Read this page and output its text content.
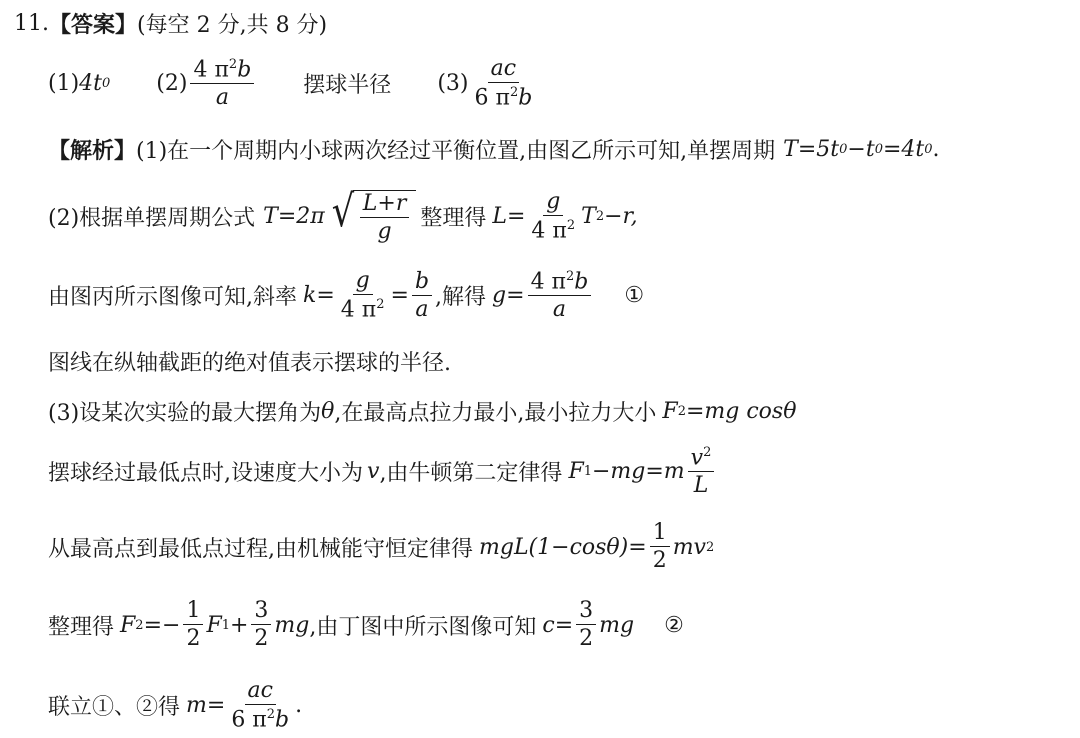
11. 【答案】 (每空 2 分,共 8 分)
(1) 4t 0 $(2) \frac{4 \pi^2b}{a}$ 摆球半径 $(3) \frac{ac}{6 \pi^2b}$
【解析】 (1)在一个周期内小球两次经过平衡位置,由图乙所示可知,单摆周期 T=5t 0 −t 0 =4t 0 .
(2)根据单摆周期公式 T=2π √ $\frac{L+r}{g}$ 整理得 $L= \frac{g}{4 \pi^2}$ T 2 −r,
由图丙所示图像可知,斜率 $k= \frac{g}{4 \pi^2} = \frac{b}{a}$ ,解得 $g= \frac{4 \pi^2b}{a}$ ①
图线在纵轴截距的绝对值表示摆球的半径.
(3)设某次实验的最大摆角为 θ ,在最高点拉力最小,最小拉力大小 F 2 =mg cosθ
摆球经过最低点时,设速度大小为 v ,由牛顿第二定律得 F $1 -mg=m \frac{v^2}{L}$
从最高点到最低点过程,由机械能守恒定律得 $mgL(1-\cos\theta)= \frac{1}{2}$ mv 2
整理得 F $2 =- \frac{1}{2}$ F $1 + \frac{3}{2}$ mg ,由丁图中所示图像可知 $c= \frac{3}{2}$ mg ②
联立①、②得 $m= \frac{ac}{6 \pi^2b}$ .
